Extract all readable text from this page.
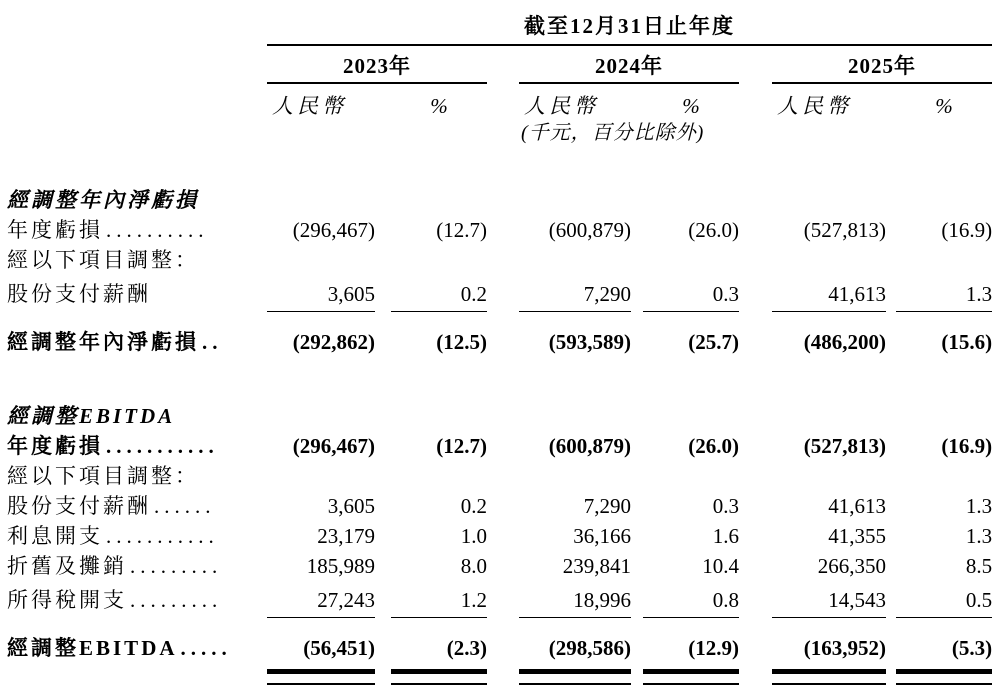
	截至12月31日止年度										
	2023年				2024年				2025年		
	人民幣		%		人民幣		%		人民幣		%
					(千元，百分比除外)						

經調整年內淨虧損											
年度虧損 ..........	(296,467)		(12.7)		(600,879)		(26.0)		(527,813)		(16.9)
經以下項目調整：											
股份支付薪酬	3,605		0.2		7,290		0.3		41,613		1.3
經調整年內淨虧損 ..	(292,862)		(12.5)		(593,589)		(25.7)		(486,200)		(15.6)

經調整EBITDA											
年度虧損 ...........	(296,467)		(12.7)		(600,879)		(26.0)		(527,813)		(16.9)
經以下項目調整：											
股份支付薪酬 ......	3,605		0.2		7,290		0.3		41,613		1.3
利息開支 ...........	23,179		1.0		36,166		1.6		41,355		1.3
折舊及攤銷 .........	185,989		8.0		239,841		10.4		266,350		8.5
所得稅開支 .........	27,243		1.2		18,996		0.8		14,543		0.5
經調整EBITDA .....	(56,451)		(2.3)		(298,586)		(12.9)		(163,952)		(5.3)
